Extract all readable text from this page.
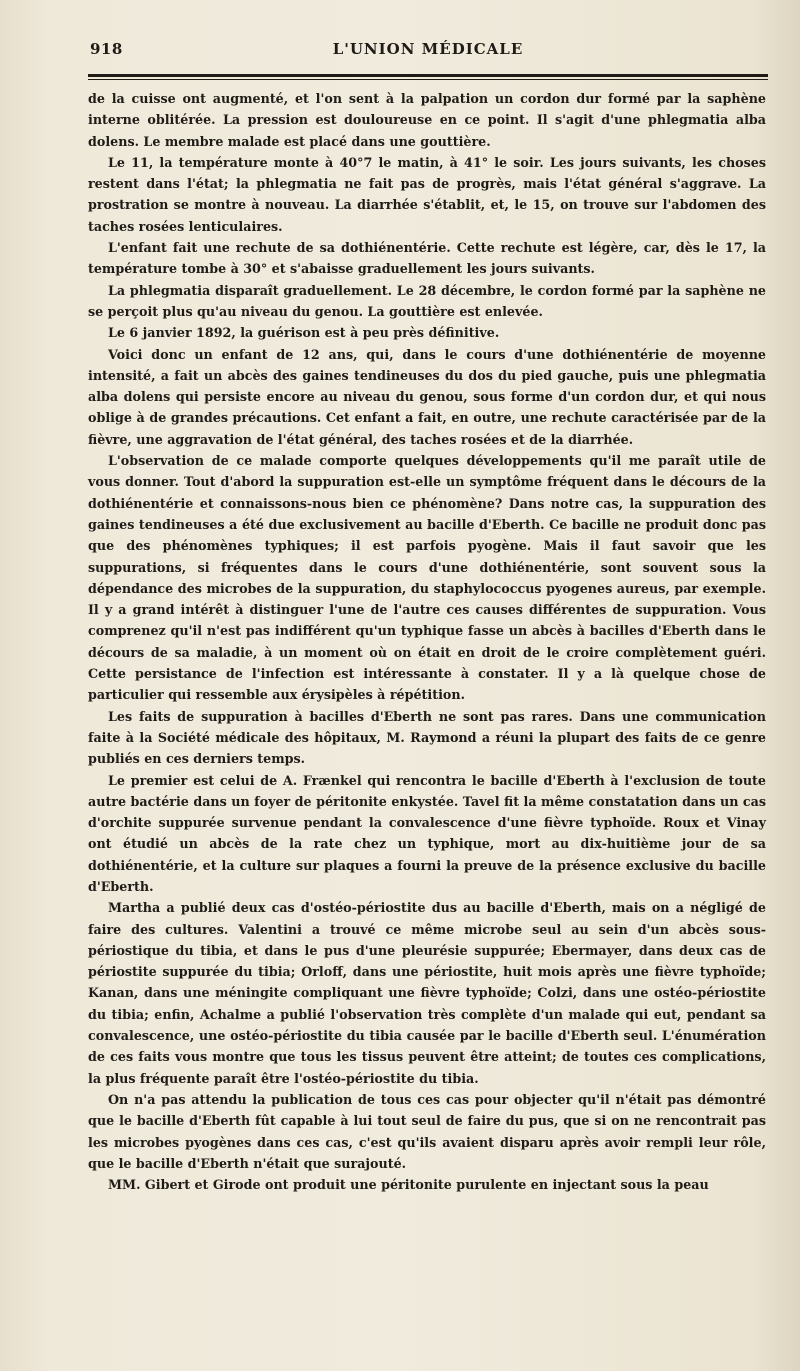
918	L'UNION MÉDICALE

de la cuisse ont augmenté, et l'on sent à la palpation un cordon dur formé par la saphène interne oblitérée. La pression est douloureuse en ce point. Il s'agit d'une phlegmatia alba dolens. Le membre malade est placé dans une gouttière.

Le 11, la température monte à 40°7 le matin, à 41° le soir. Les jours suivants, les choses restent dans l'état; la phlegmatia ne fait pas de progrès, mais l'état général s'aggrave. La prostration se montre à nouveau. La diarrhée s'établit, et, le 15, on trouve sur l'abdomen des taches rosées lenticulaires.

L'enfant fait une rechute de sa dothiénentérie. Cette rechute est légère, car, dès le 17, la température tombe à 30° et s'abaisse graduellement les jours suivants.

La phlegmatia disparaît graduellement. Le 28 décembre, le cordon formé par la saphène ne se perçoit plus qu'au niveau du genou. La gouttière est enlevée.

Le 6 janvier 1892, la guérison est à peu près définitive.

Voici donc un enfant de 12 ans, qui, dans le cours d'une dothiénentérie de moyenne intensité, a fait un abcès des gaines tendineuses du dos du pied gauche, puis une phlegmatia alba dolens qui persiste encore au niveau du genou, sous forme d'un cordon dur, et qui nous oblige à de grandes précautions. Cet enfant a fait, en outre, une rechute caractérisée par de la fièvre, une aggravation de l'état général, des taches rosées et de la diarrhée.

L'observation de ce malade comporte quelques développements qu'il me paraît utile de vous donner. Tout d'abord la suppuration est-elle un symptôme fréquent dans le décours de la dothiénentérie et connaissons-nous bien ce phénomène? Dans notre cas, la suppuration des gaines tendineuses a été due exclusivement au bacille d'Eberth. Ce bacille ne produit donc pas que des phénomènes typhiques; il est parfois pyogène. Mais il faut savoir que les suppurations, si fréquentes dans le cours d'une dothiénentérie, sont souvent sous la dépendance des microbes de la suppuration, du staphylococcus pyogenes aureus, par exemple. Il y a grand intérêt à distinguer l'une de l'autre ces causes différentes de suppuration. Vous comprenez qu'il n'est pas indifférent qu'un typhique fasse un abcès à bacilles d'Eberth dans le décours de sa maladie, à un moment où on était en droit de le croire complètement guéri. Cette persistance de l'infection est intéressante à constater. Il y a là quelque chose de particulier qui ressemble aux érysipèles à répétition.

Les faits de suppuration à bacilles d'Eberth ne sont pas rares. Dans une communication faite à la Société médicale des hôpitaux, M. Raymond a réuni la plupart des faits de ce genre publiés en ces derniers temps.

Le premier est celui de A. Frænkel qui rencontra le bacille d'Eberth à l'exclusion de toute autre bactérie dans un foyer de péritonite enkystée. Tavel fit la même constatation dans un cas d'orchite suppurée survenue pendant la convalescence d'une fièvre typhoïde. Roux et Vinay ont étudié un abcès de la rate chez un typhique, mort au dix-huitième jour de sa dothiénentérie, et la culture sur plaques a fourni la preuve de la présence exclusive du bacille d'Eberth.

Martha a publié deux cas d'ostéo-périostite dus au bacille d'Eberth, mais on a négligé de faire des cultures. Valentini a trouvé ce même microbe seul au sein d'un abcès sous-périostique du tibia, et dans le pus d'une pleurésie suppurée; Ebermayer, dans deux cas de périostite suppurée du tibia; Orloff, dans une périostite, huit mois après une fièvre typhoïde; Kanan, dans une méningite compliquant une fièvre typhoïde; Colzi, dans une ostéo-périostite du tibia; enfin, Achalme a publié l'observation très complète d'un malade qui eut, pendant sa convalescence, une ostéo-périostite du tibia causée par le bacille d'Eberth seul. L'énumération de ces faits vous montre que tous les tissus peuvent être atteint; de toutes ces complications, la plus fréquente paraît être l'ostéo-périostite du tibia.

On n'a pas attendu la publication de tous ces cas pour objecter qu'il n'était pas démontré que le bacille d'Eberth fût capable à lui tout seul de faire du pus, que si on ne rencontrait pas les microbes pyogènes dans ces cas, c'est qu'ils avaient disparu après avoir rempli leur rôle, que le bacille d'Eberth n'était que surajouté.

MM. Gibert et Girode ont produit une péritonite purulente en injectant sous la peau
